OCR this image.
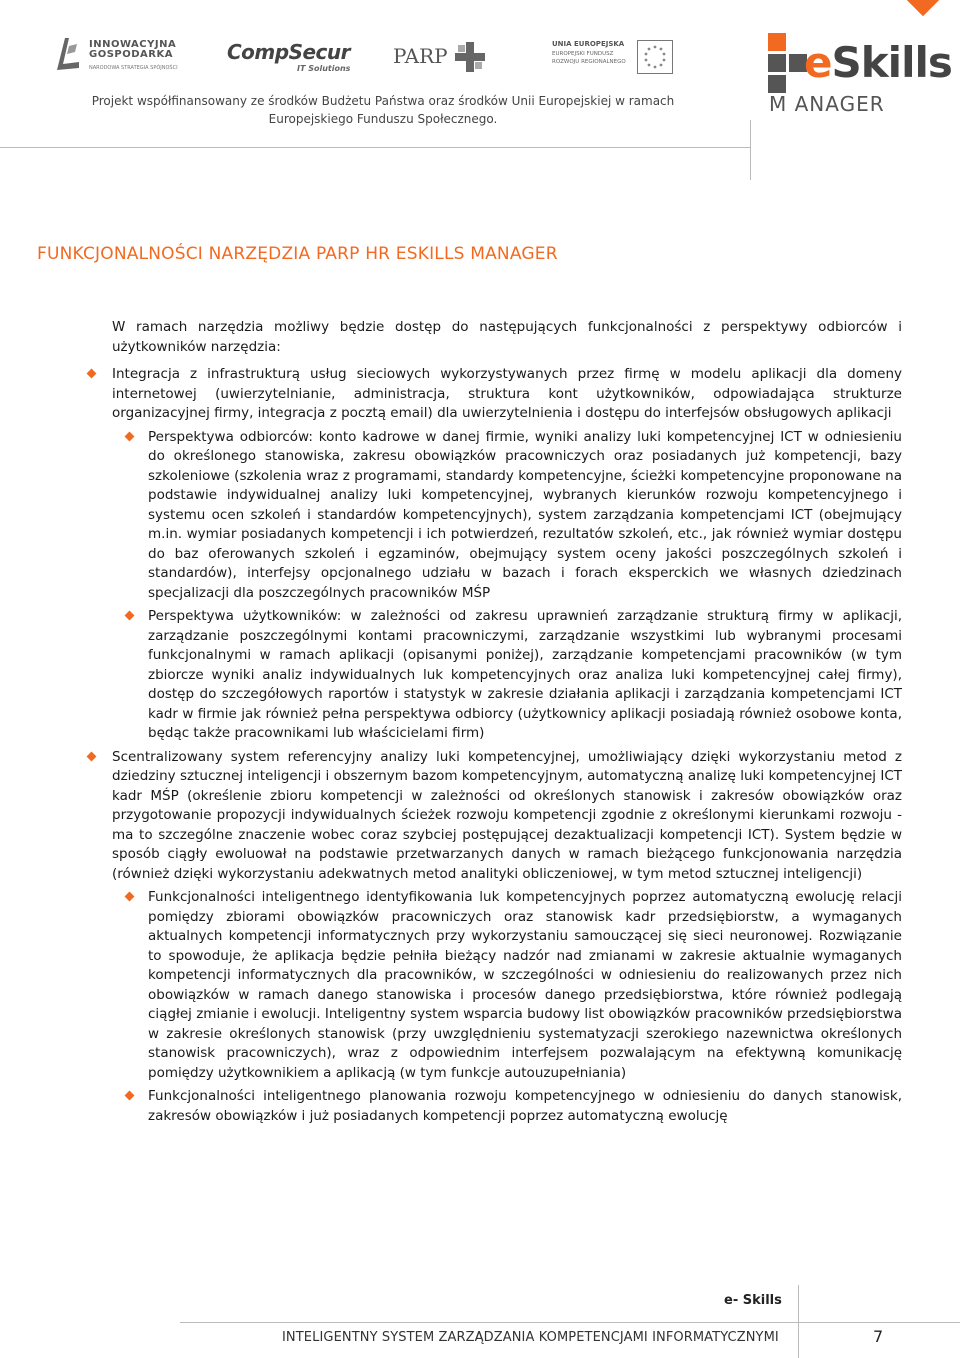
INNOWACYJNA
GOSPODARKA
NARODOWA STRATEGIA SPÓJNOŚCI
CompSecur
IT Solutions
PARP	UNIA EUROPEJSKA
EUROPEJSKI FUNDUSZ
ROZWOJU REGIONALNEGO
Projekt współfinansowany ze środków Budżetu Państwa oraz środków Unii Europejskiej w ramach
Europejskiego Funduszu Społecznego.
eSkills
M ANAGER
FUNKCJONALNOŚCI NARZĘDZIA PARP HR ESKILLS MANAGER

W ramach narzędzia możliwy będzie dostęp do następujących funkcjonalności z perspektywy odbiorców i użytkowników narzędzia:

Integracja z infrastrukturą usług sieciowych wykorzystywanych przez firmę w modelu aplikacji dla domeny internetowej (uwierzytelnianie, administracja, struktura kont użytkowników, odpowiadająca strukturze organizacyjnej firmy, integracja z pocztą email) dla uwierzytelnienia i dostępu do interfejsów obsługowych aplikacji
Perspektywa odbiorców: konto kadrowe w danej firmie, wyniki analizy luki kompetencyjnej ICT w odniesieniu do określonego stanowiska, zakresu obowiązków pracowniczych oraz posiadanych już kompetencji, bazy szkoleniowe (szkolenia wraz z programami, standardy kompetencyjne, ścieżki kompetencyjne proponowane na podstawie indywidualnej analizy luki kompetencyjnej, wybranych kierunków rozwoju kompetencyjnego i systemu ocen szkoleń i standardów kompetencyjnych), system zarządzania kompetencjami ICT (obejmujący m.in. wymiar posiadanych kompetencji i ich potwierdzeń, rezultatów szkoleń, etc., jak również wymiar dostępu do baz oferowanych szkoleń i egzaminów, obejmujący system oceny jakości poszczególnych szkoleń i standardów), interfejsy opcjonalnego udziału w bazach i forach eksperckich we własnych dziedzinach specjalizacji dla poszczególnych pracowników MŚP
Perspektywa użytkowników: w zależności od zakresu uprawnień zarządzanie strukturą firmy w aplikacji, zarządzanie poszczególnymi kontami pracowniczymi, zarządzanie wszystkimi lub wybranymi procesami funkcjonalnymi w ramach aplikacji (opisanymi poniżej), zarządzanie kompetencjami pracowników (w tym zbiorcze wyniki analiz indywidualnych luk kompetencyjnych oraz analiza luki kompetencyjnej całej firmy), dostęp do szczegółowych raportów i statystyk w zakresie działania aplikacji i zarządzania kompetencjami ICT kadr w firmie jak również pełna perspektywa odbiorcy (użytkownicy aplikacji posiadają również osobowe konta, będąc także pracownikami lub właścicielami firm)
Scentralizowany system referencyjny analizy luki kompetencyjnej, umożliwiający dzięki wykorzystaniu metod z dziedziny sztucznej inteligencji i obszernym bazom kompetencyjnym, automatyczną analizę luki kompetencyjnej ICT kadr MŚP (określenie zbioru kompetencji w zależności od określonych stanowisk i zakresów obowiązków oraz przygotowanie propozycji indywidualnych ścieżek rozwoju kompetencji zgodnie z określonymi kierunkami rozwoju - ma to szczególne znaczenie wobec coraz szybciej postępującej dezaktualizacji kompetencji ICT). System będzie w sposób ciągły ewoluował na podstawie przetwarzanych danych w ramach bieżącego funkcjonowania narzędzia (również dzięki wykorzystaniu adekwatnych metod analityki obliczeniowej, w tym metod sztucznej inteligencji)
Funkcjonalności inteligentnego identyfikowania luk kompetencyjnych poprzez automatyczną ewolucję relacji pomiędzy zbiorami obowiązków pracowniczych oraz stanowisk kadr przedsiębiorstw, a wymaganych aktualnych kompetencji informatycznych przy wykorzystaniu samouczącej się sieci neuronowej. Rozwiązanie to spowoduje, że aplikacja będzie pełniła bieżący nadzór nad zmianami w zakresie aktualnie wymaganych kompetencji informatycznych dla pracowników, w szczególności w odniesieniu do realizowanych przez nich obowiązków w ramach danego stanowiska i procesów danego przedsiębiorstwa, które również podlegają ciągłej zmianie i ewolucji. Inteligentny system wsparcia budowy list obowiązków pracowników przedsiębiorstwa w zakresie określonych stanowisk (przy uwzględnieniu systematyzacji szerokiego nazewnictwa określonych stanowisk pracowniczych), wraz z odpowiednim interfejsem pozwalającym na efektywną komunikację pomiędzy użytkownikiem a aplikacją (w tym funkcje autouzupełniania)
Funkcjonalności inteligentnego planowania rozwoju kompetencyjnego w odniesieniu do danych stanowisk, zakresów obowiązków i już posiadanych kompetencji poprzez automatyczną ewolucję
e- Skills
INTELIGENTNY SYSTEM ZARZĄDZANIA KOMPETENCJAMI INFORMATYCZNYMI	7
